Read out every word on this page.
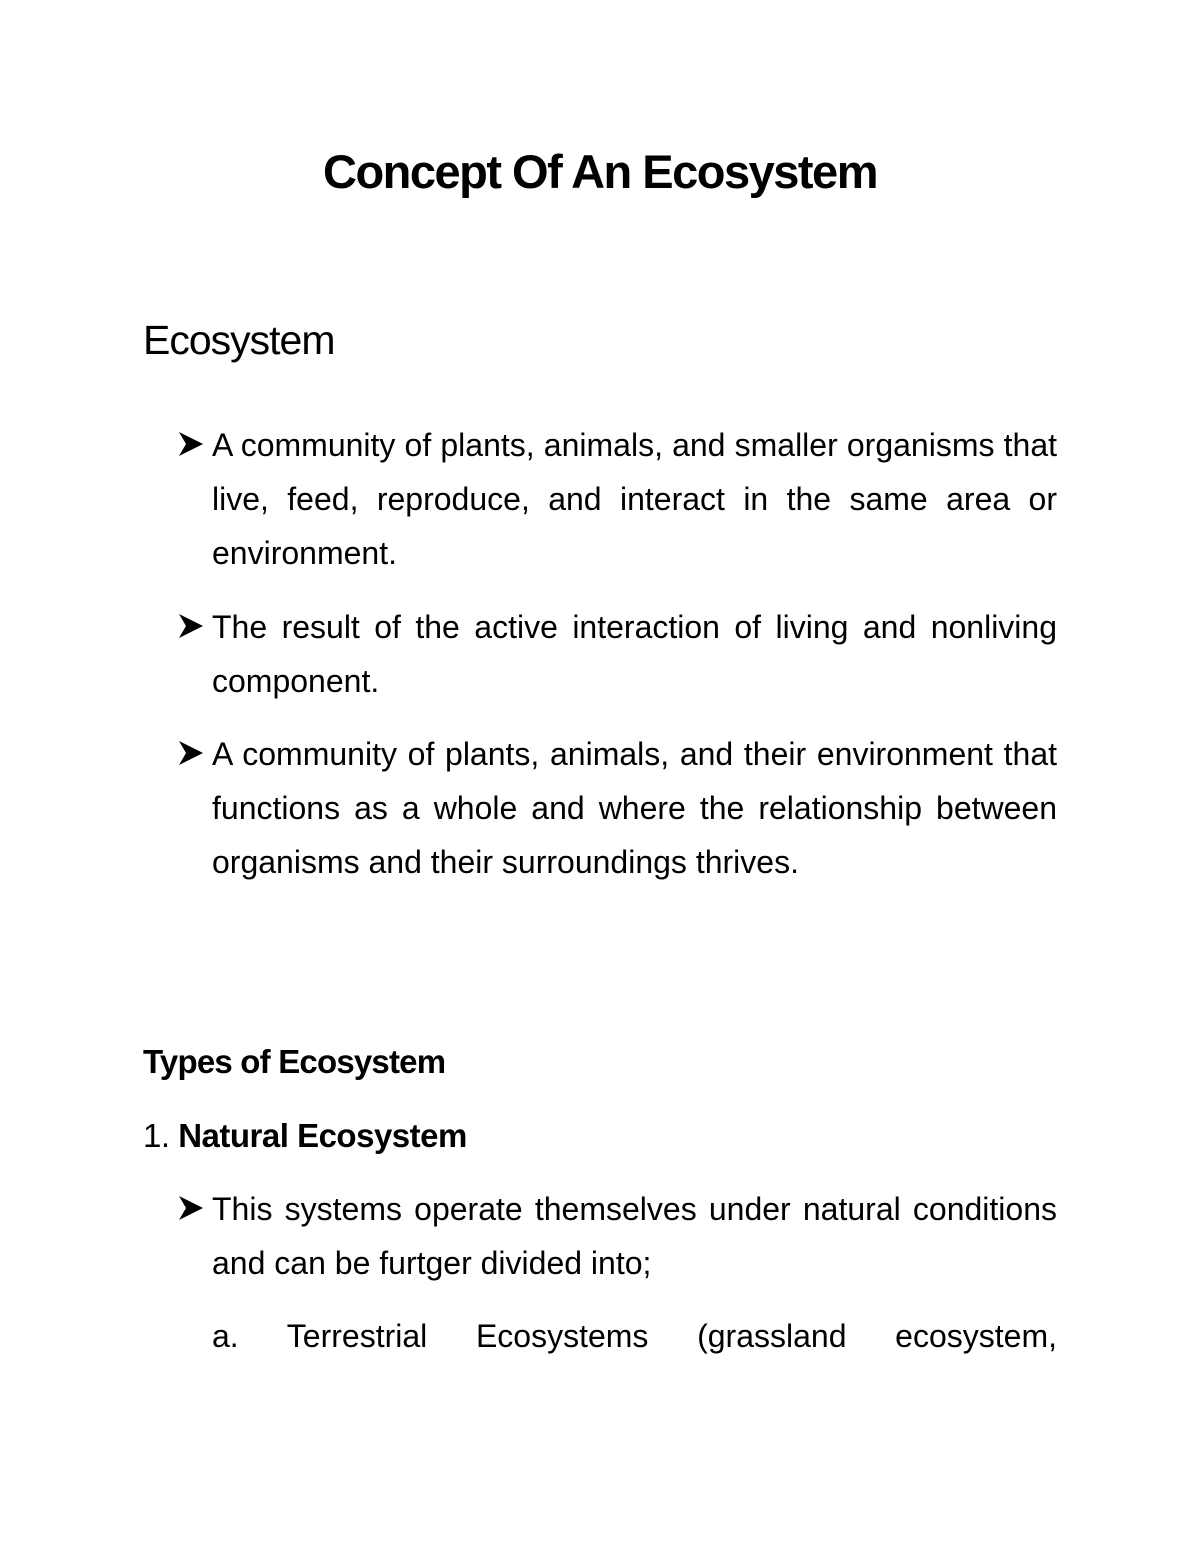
Concept Of An Ecosystem
Ecosystem

A community of plants, animals, and smaller organisms that live, feed, reproduce, and interact in the same area or environment.

The result of the active interaction of living and nonliving component.

A community of plants, animals, and their environment that functions as a whole and where the relationship between organisms and their surroundings thrives.

Types of Ecosystem

1. Natural Ecosystem

This systems operate themselves under natural conditions and can be furtger divided into;

a. Terrestrial Ecosystems (grassland ecosystem,
